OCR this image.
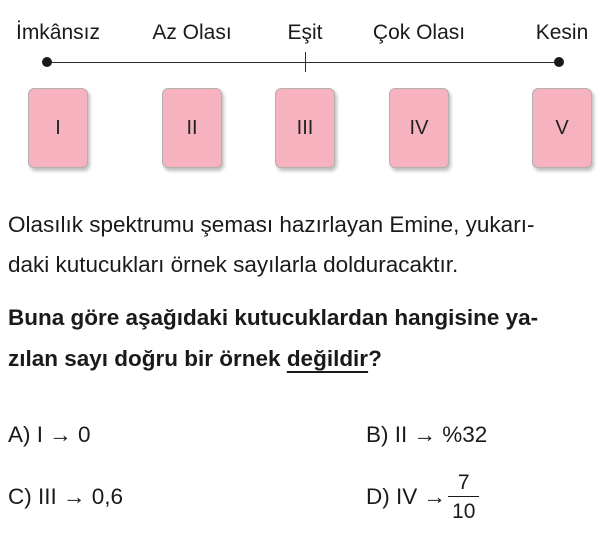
İmkânsız Az Olası	Eşit Çok Olası	Kesin
I	II	III	IV	V

Olasılık spektrumu şeması hazırlayan Emine, yukarı-
daki kutucukları örnek sayılarla dolduracaktır.

Buna göre aşağıdaki kutucuklardan hangisine ya-
zılan sayı doğru bir örnek değildir?

A) I → 0	B) II → %32
C) III → 0,6	D) IV → $\frac{7}{10}$
